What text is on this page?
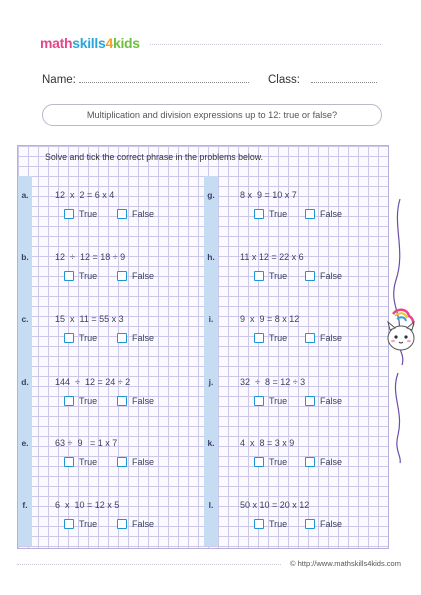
mathskills4kids
Name:	Class:
Multiplication and division expressions up to 12: true or false?
Solve and tick the correct phrase in the problems below.
a.	12  x  2 = 6 x 4
True	False
b.	12  ÷  12 = 18 ÷ 9
True	False
c.	15  x  11 = 55 x 3
True	False
d.	144  ÷  12 = 24 ÷ 2
True	False
e.	63 ÷  9   = 1 x 7
True	False
f.	6  x  10 = 12 x 5
True	False
g.	8 x  9 = 10 x 7
True	False
h.	11 x 12 = 22 x 6
True	False
i.	9  x  9 = 8 x 12
True	False
j.	32  ÷  8 = 12 ÷ 3
True	False
k.	4  x  8 = 3 x 9
True	False
l.	50 x 10 = 20 x 12
True	False
© http://www.mathskills4kids.com
